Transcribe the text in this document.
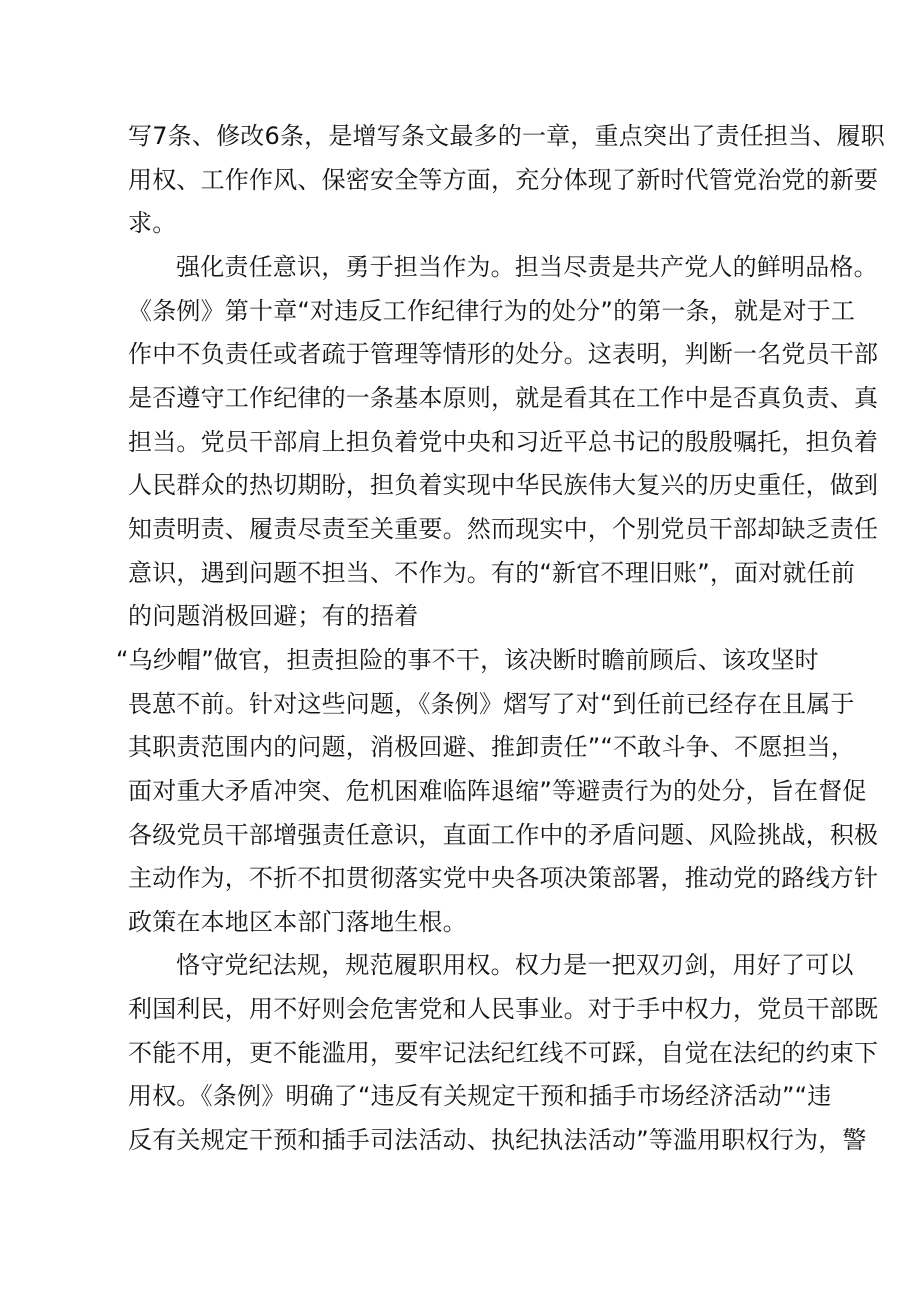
写7条、修改6条，是增写条文最多的一章，重点突出了责任担当、履职
用权、工作作风、保密安全等方面，充分体现了新时代管党治党的新要
求。
强化责任意识，勇于担当作为。担当尽责是共产党人的鲜明品格。
《条例》第十章“对违反工作纪律行为的处分”的第一条，就是对于工
作中不负责任或者疏于管理等情形的处分。这表明，判断一名党员干部
是否遵守工作纪律的一条基本原则，就是看其在工作中是否真负责、真
担当。党员干部肩上担负着党中央和习近平总书记的殷殷嘱托，担负着
人民群众的热切期盼，担负着实现中华民族伟大复兴的历史重任，做到
知责明责、履责尽责至关重要。然而现实中，个别党员干部却缺乏责任
意识，遇到问题不担当、不作为。有的“新官不理旧账”，面对就任前
的问题消极回避；有的捂着
“乌纱帽”做官，担责担险的事不干，该决断时瞻前顾后、该攻坚时
畏葸不前。针对这些问题，《条例》熠写了对“到任前已经存在且属于
其职责范围内的问题，消极回避、推卸责任”“不敢斗争、不愿担当，
面对重大矛盾冲突、危机困难临阵退缩”等避责行为的处分，旨在督促
各级党员干部增强责任意识，直面工作中的矛盾问题、风险挑战，积极
主动作为，不折不扣贯彻落实党中央各项决策部署，推动党的路线方针
政策在本地区本部门落地生根。
恪守党纪法规，规范履职用权。权力是一把双刃剑，用好了可以
利国利民，用不好则会危害党和人民事业。对于手中权力，党员干部既
不能不用，更不能滥用，要牢记法纪红线不可踩，自觉在法纪的约束下
用权。《条例》明确了“违反有关规定干预和插手市场经济活动”“违
反有关规定干预和插手司法活动、执纪执法活动”等滥用职权行为，警
